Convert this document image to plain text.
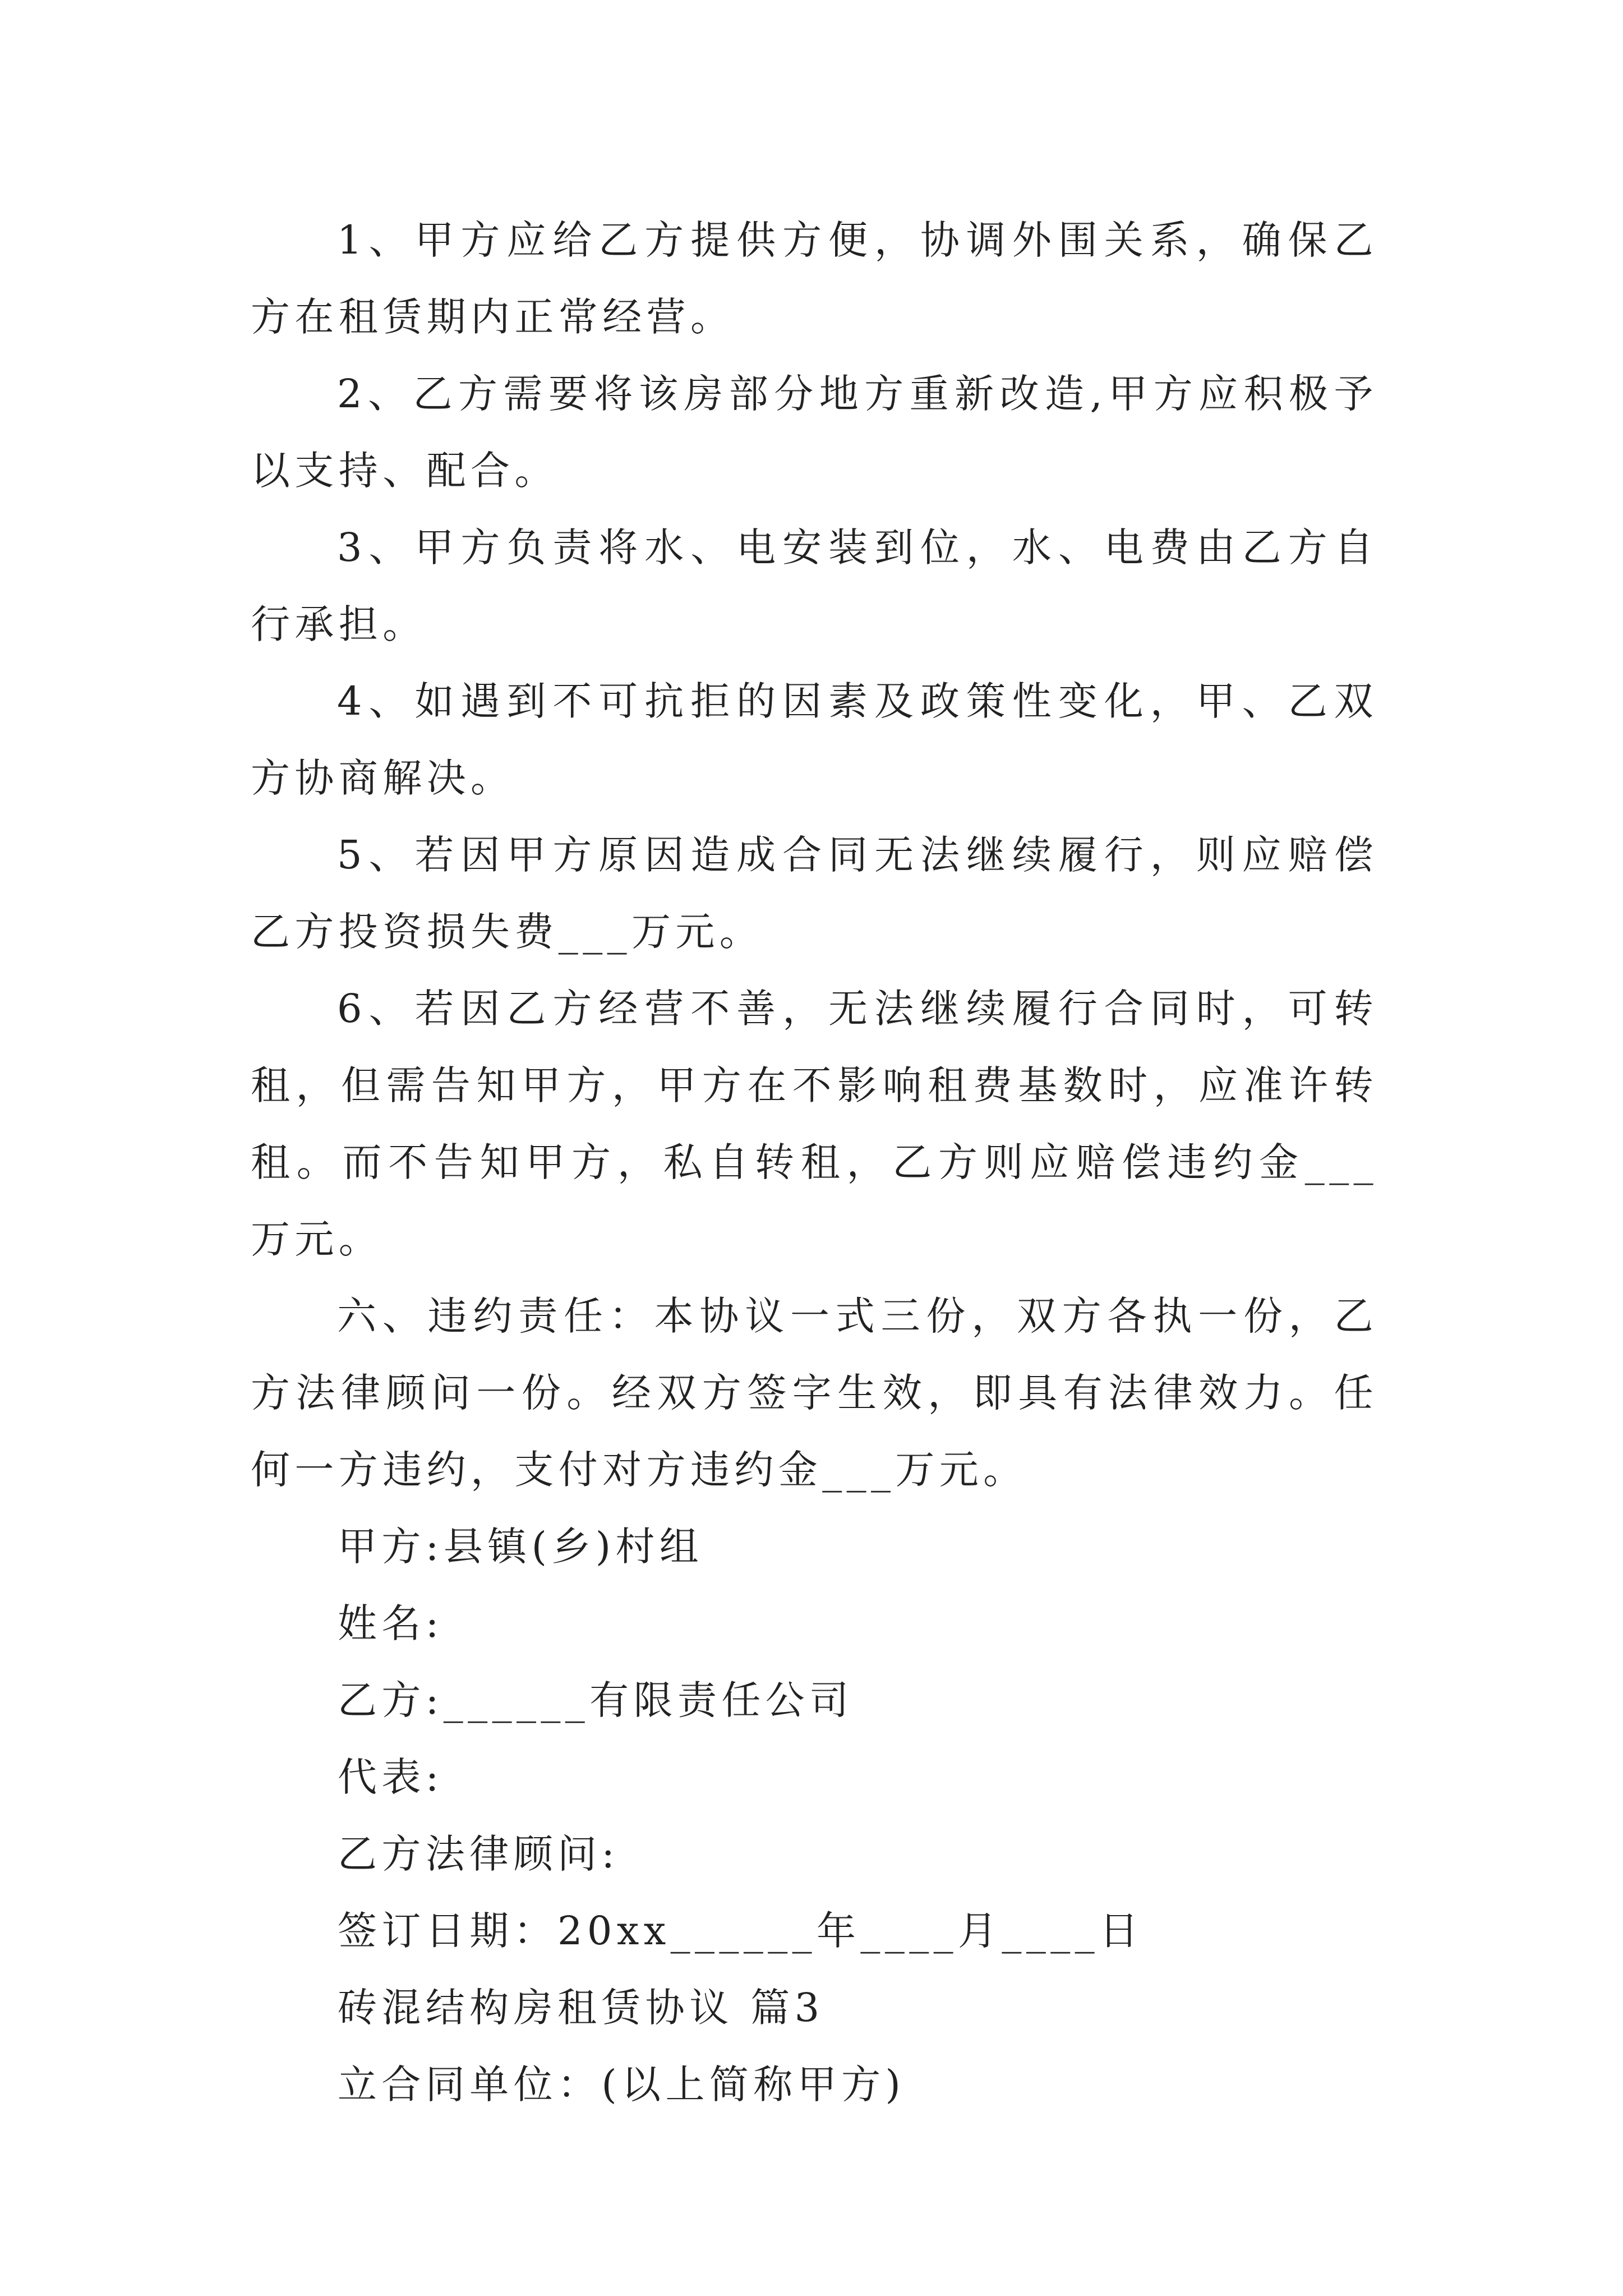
1、甲方应给乙方提供方便，协调外围关系，确保乙方在租赁期内正常经营。

2、乙方需要将该房部分地方重新改造,甲方应积极予以支持、配合。

3、甲方负责将水、电安装到位，水、电费由乙方自行承担。

4、如遇到不可抗拒的因素及政策性变化，甲、乙双方协商解决。

5、若因甲方原因造成合同无法继续履行，则应赔偿乙方投资损失费___万元。

6、若因乙方经营不善，无法继续履行合同时，可转租，但需告知甲方，甲方在不影响租费基数时，应准许转租。而不告知甲方，私自转租，乙方则应赔偿违约金___万元。

六、违约责任：本协议一式三份，双方各执一份，乙方法律顾问一份。经双方签字生效，即具有法律效力。任何一方违约，支付对方违约金___万元。

甲方:县镇(乡)村组

姓名:

乙方:______有限责任公司

代表:

乙方法律顾问:

签订日期：20xx______年____月____日

砖混结构房租赁协议 篇3

立合同单位：(以上简称甲方)
